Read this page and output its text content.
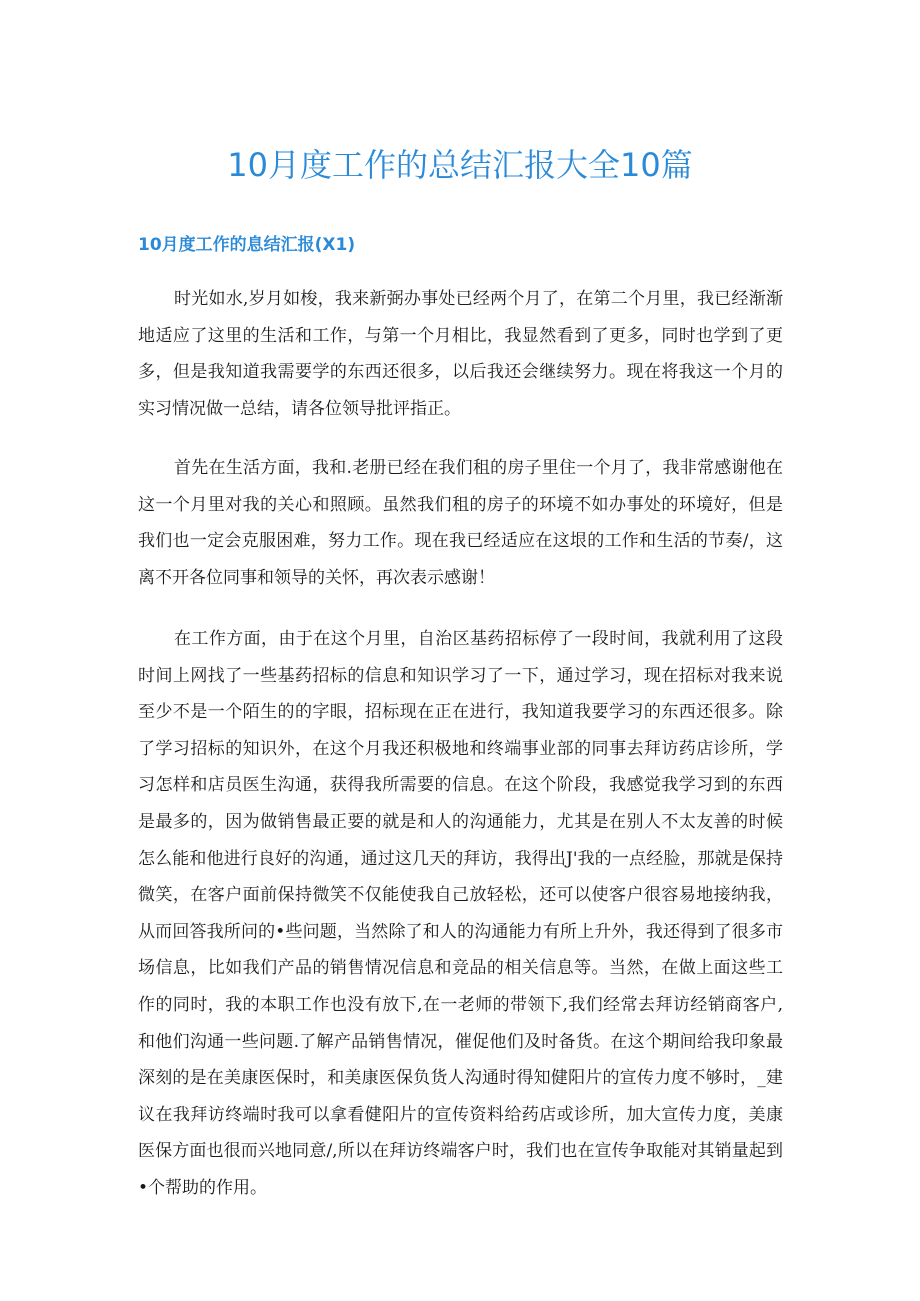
10月度工作的总结汇报大全10篇
10月度工作的息结汇报(X1)

时光如水,岁月如梭，我来新弼办事处已经两个月了，在第二个月里，我已经渐渐地适应了这里的生活和工作，与第一个月相比，我显然看到了更多，同时也学到了更多，但是我知道我需要学的东西还很多，以后我还会继续努力。现在将我这一个月的实习情况做一总结，请各位领导批评指正。

首先在生活方面，我和.老册已经在我们租的房子里住一个月了，我非常感谢他在这一个月里对我的关心和照顾。虽然我们租的房子的环境不如办事处的环境好，但是我们也一定会克服困难，努力工作。现在我已经适应在这垠的工作和生活的节奏/，这离不开各位同事和领导的关怀，再次表示感谢！

在工作方面，由于在这个月里，自治区基药招标停了一段时间，我就利用了这段时间上网找了一些基药招标的信息和知识学习了一下，通过学习，现在招标对我来说至少不是一个陌生的的字眼，招标现在正在进行，我知道我要学习的东西还很多。除了学习招标的知识外，在这个月我还积极地和终端事业部的同事去拜访药店诊所，学习怎样和店员医生沟通，获得我所需要的信息。在这个阶段，我感觉我学习到的东西是最多的，因为做销售最正要的就是和人的沟通能力，尤其是在别人不太友善的时候怎么能和他进行良好的沟通，通过这几天的拜访，我得出J'我的一点经脸，那就是保持微笑，在客户面前保持微笑不仅能使我自己放轻松，还可以使客户很容易地接纳我，从而回答我所问的•些问题，当然除了和人的沟通能力有所上升外，我还得到了很多市场信息，比如我们产品的销售情况信息和竞品的相关信息等。当然，在做上面这些工作的同时，我的本职工作也没有放下,在一老师的带领下,我们经常去拜访经销商客户,和他们沟通一些问题.了解产品销售情况，催促他们及时备货。在这个期间给我印象最深刻的是在美康医保时，和美康医保负货人沟通时得知健阳片的宣传力度不够时，_建议在我拜访终端时我可以拿看健阳片的宣传资料给药店或诊所，加大宣传力度，美康医保方面也很而兴地同意/,所以在拜访终端客户时，我们也在宣传争取能对其销量起到•个帮助的作用。
